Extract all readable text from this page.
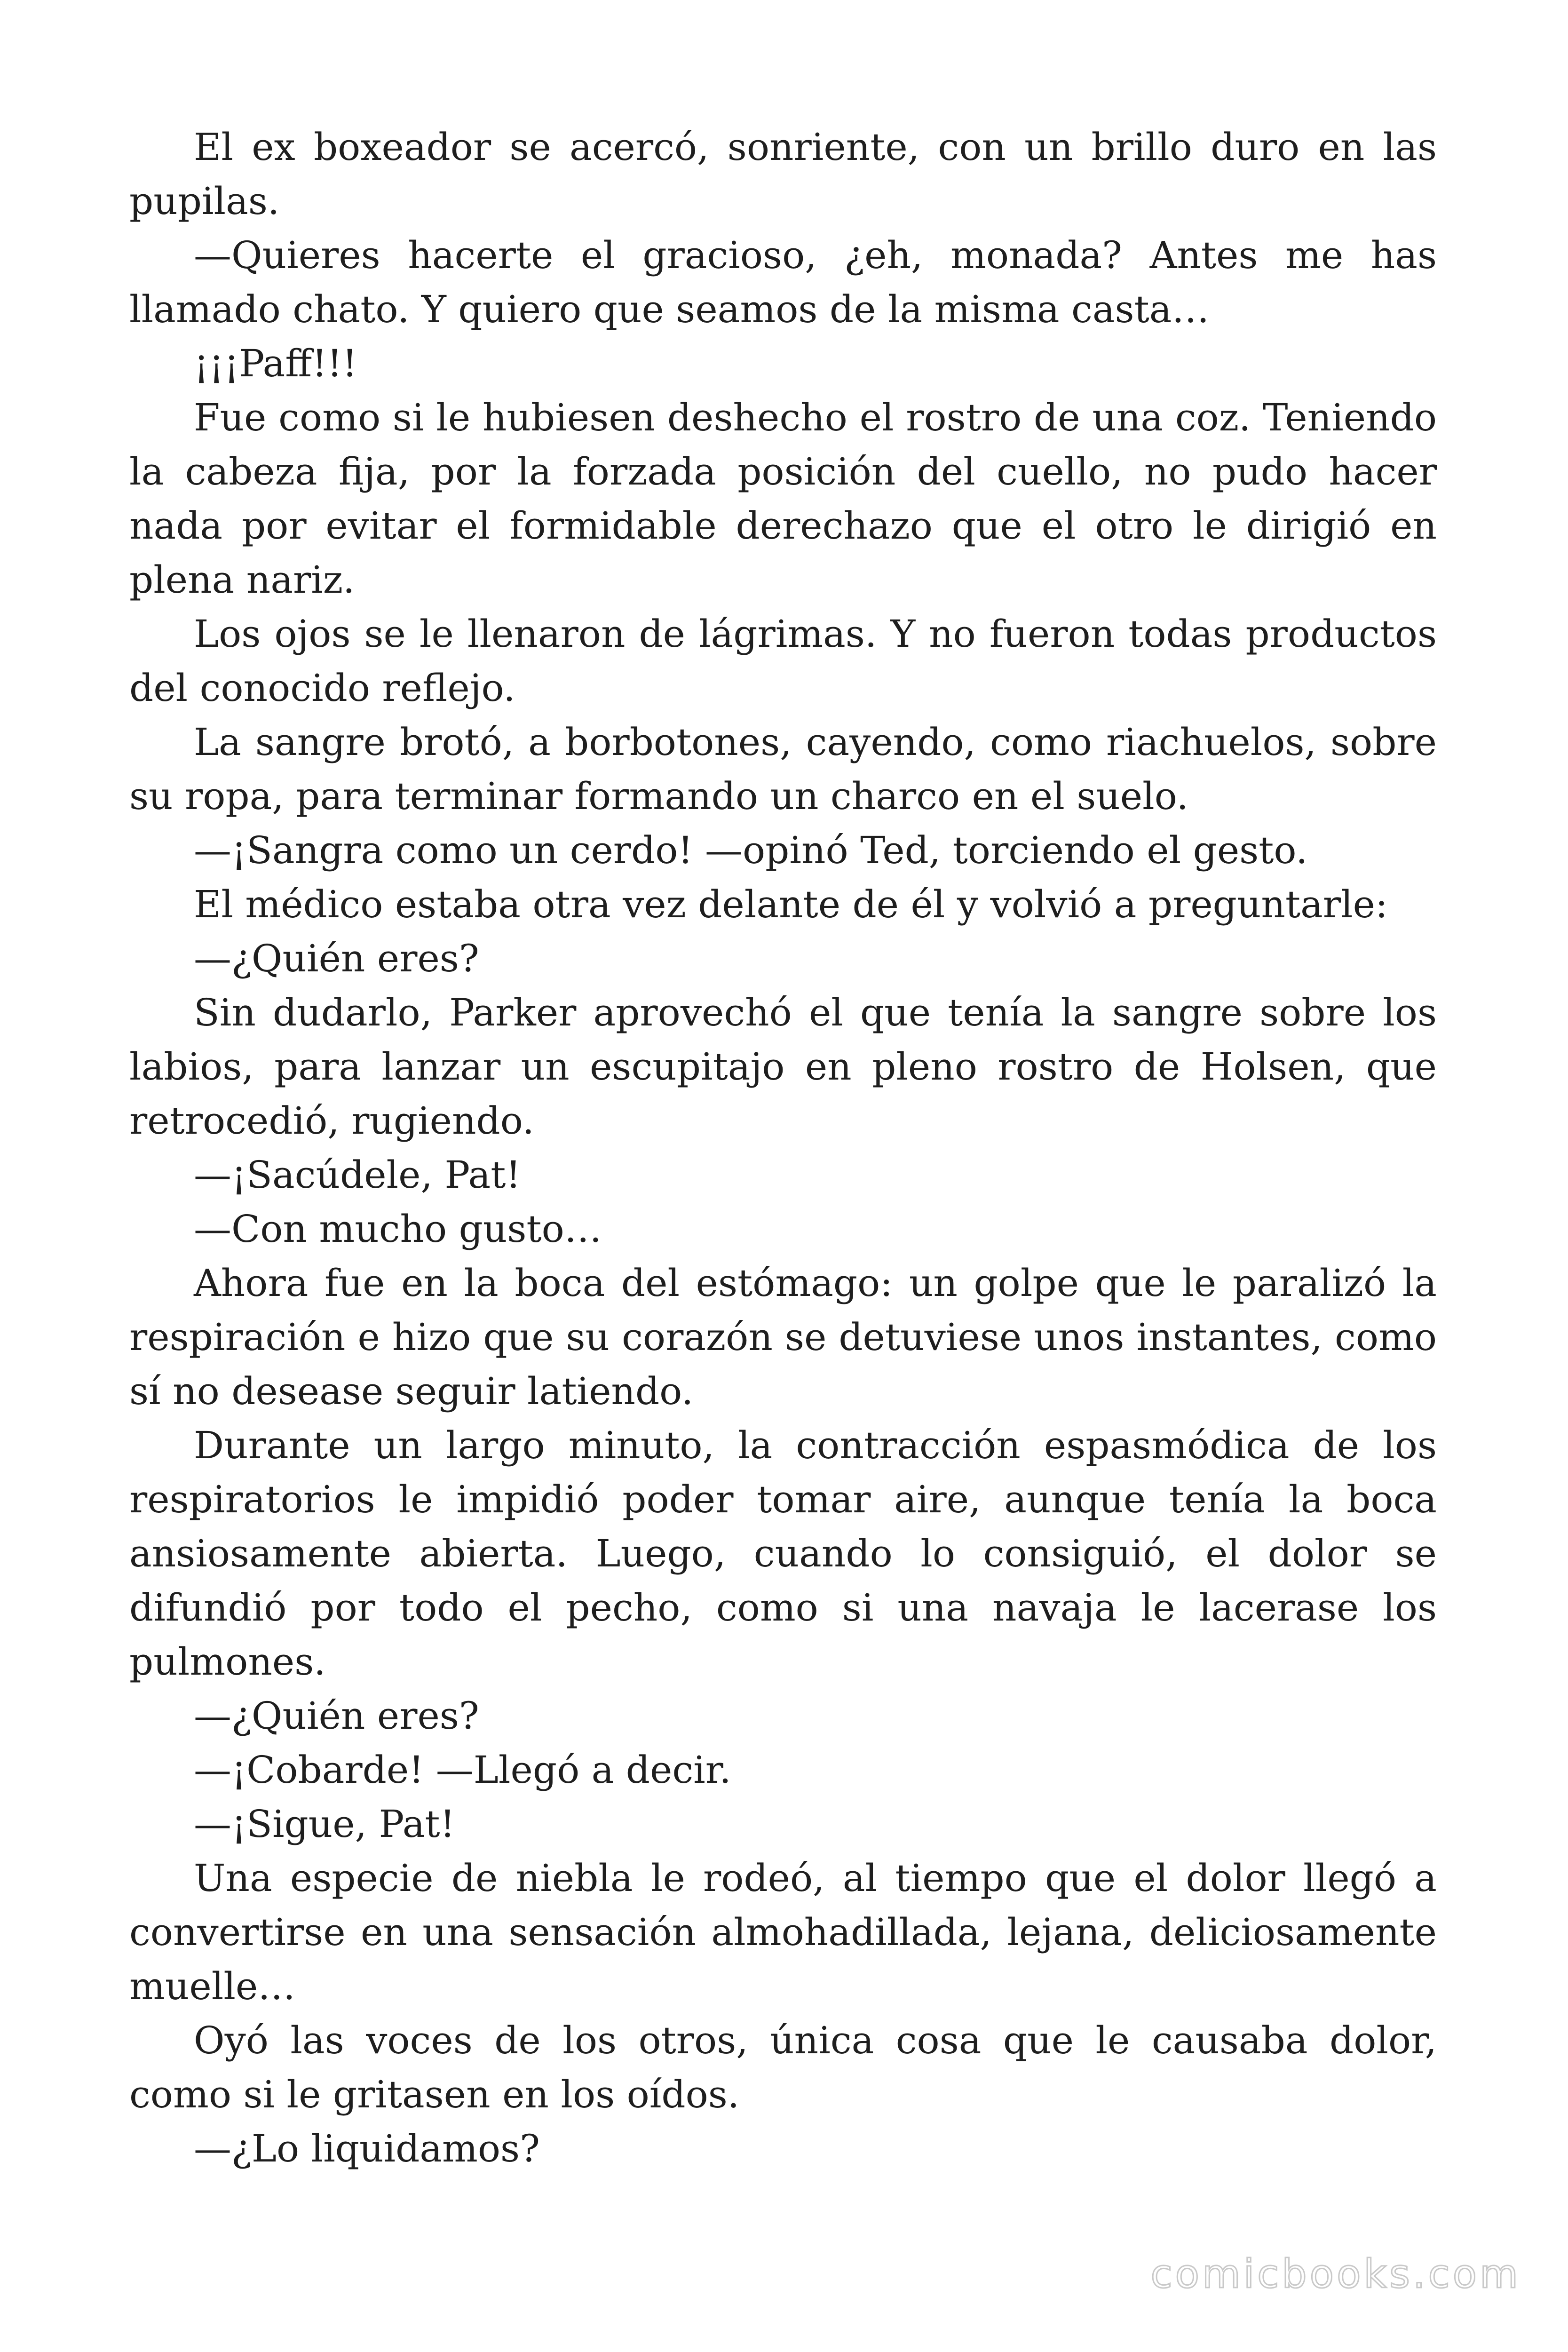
El ex boxeador se acercó, sonriente, con un brillo duro en las pupilas.

—Quieres hacerte el gracioso, ¿eh, monada? Antes me has llamado chato. Y quiero que seamos de la misma casta…

¡¡¡Paff!!!

Fue como si le hubiesen deshecho el rostro de una coz. Teniendo la cabeza fija, por la forzada posición del cuello, no pudo hacer nada por evitar el formidable derechazo que el otro le dirigió en plena nariz.

Los ojos se le llenaron de lágrimas. Y no fueron todas productos del conocido reflejo.

La sangre brotó, a borbotones, cayendo, como riachuelos, sobre su ropa, para terminar formando un charco en el suelo.

—¡Sangra como un cerdo! —opinó Ted, torciendo el gesto.

El médico estaba otra vez delante de él y volvió a preguntarle:

—¿Quién eres?

Sin dudarlo, Parker aprovechó el que tenía la sangre sobre los labios, para lanzar un escupitajo en pleno rostro de Holsen, que retrocedió, rugiendo.

—¡Sacúdele, Pat!

—Con mucho gusto…

Ahora fue en la boca del estómago: un golpe que le paralizó la respiración e hizo que su corazón se detuviese unos instantes, como sí no desease seguir latiendo.

Durante un largo minuto, la contracción espasmódica de los respiratorios le impidió poder tomar aire, aunque tenía la boca ansiosamente abierta. Luego, cuando lo consiguió, el dolor se difundió por todo el pecho, como si una navaja le lacerase los pulmones.

—¿Quién eres?

—¡Cobarde! —Llegó a decir.

—¡Sigue, Pat!

Una especie de niebla le rodeó, al tiempo que el dolor llegó a convertirse en una sensación almohadillada, lejana, deliciosamente muelle…

Oyó las voces de los otros, única cosa que le causaba dolor, como si le gritasen en los oídos.

—¿Lo liquidamos?

comicbooks.com
